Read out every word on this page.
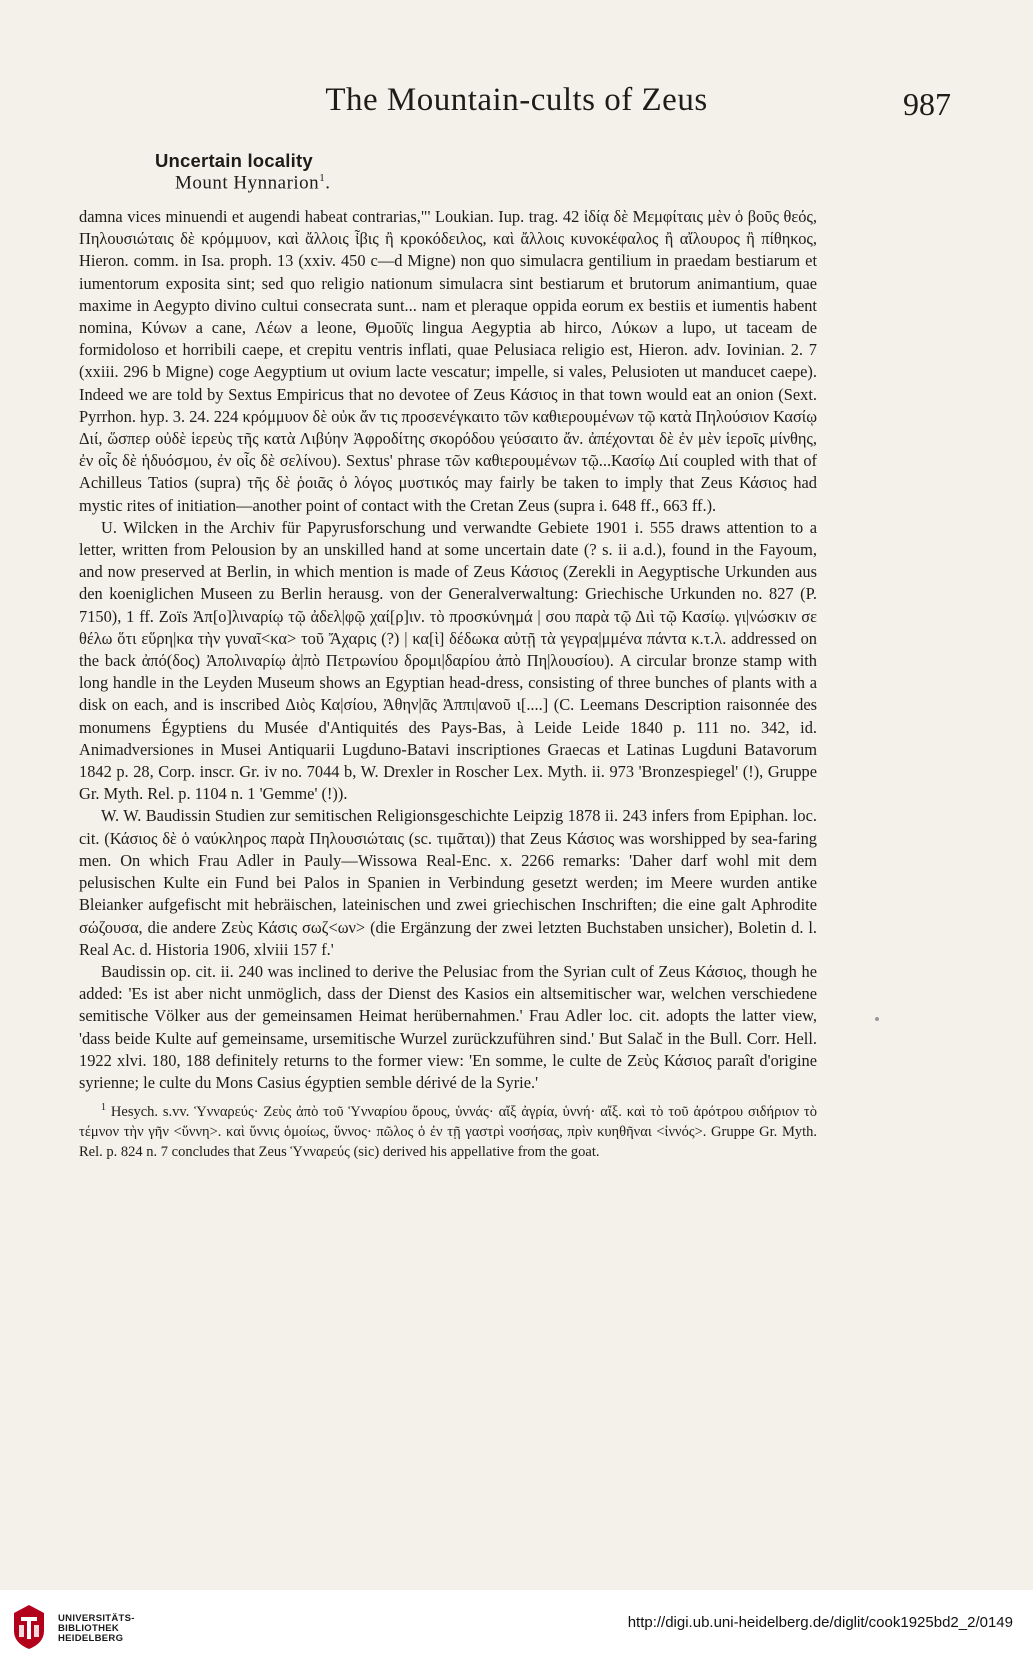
The Mountain-cults of Zeus	987
Uncertain locality
Mount Hynnarion$^1$.

damna vices minuendi et augendi habeat contrarias,"' Loukian. Iup. trag. 42 ἰδίᾳ δὲ Μεμφίταις μὲν ὁ βοῦς θεός, Πηλουσιώταις δὲ κρόμμυον, καὶ ἄλλοις ἶβις ἢ κροκόδειλος, καὶ ἄλλοις κυνοκέφαλος ἢ αἴλουρος ἢ πίθηκος, Hieron. comm. in Isa. proph. 13 (xxiv. 450 c—d Migne) non quo simulacra gentilium in praedam bestiarum et iumentorum exposita sint; sed quo religio nationum simulacra sint bestiarum et brutorum animantium, quae maxime in Aegypto divino cultui consecrata sunt... nam et pleraque oppida eorum ex bestiis et iumentis habent nomina, Κύνων a cane, Λέων a leone, Θμοῦϊς lingua Aegyptia ab hirco, Λύκων a lupo, ut taceam de formidoloso et horribili caepe, et crepitu ventris inflati, quae Pelusiaca religio est, Hieron. adv. Iovinian. 2. 7 (xxiii. 296 b Migne) coge Aegyptium ut ovium lacte vescatur; impelle, si vales, Pelusioten ut manducet caepe). Indeed we are told by Sextus Empiricus that no devotee of Zeus Κάσιος in that town would eat an onion (Sext. Pyrrhon. hyp. 3. 24. 224 κρόμμυον δὲ οὐκ ἄν τις προσενέγκαιτο τῶν καθιερουμένων τῷ κατὰ Πηλούσιον Κασίῳ Διί, ὥσπερ οὐδὲ ἱερεὺς τῆς κατὰ Λιβύην Ἀφροδίτης σκορόδου γεύσαιτο ἄν. ἀπέχονται δὲ ἐν μὲν ἱεροῖς μίνθης, ἐν οἷς δὲ ἡδυόσμου, ἐν οἷς δὲ σελίνου). Sextus' phrase τῶν καθιερουμένων τῷ...Κασίῳ Διί coupled with that of Achilleus Tatios (supra) τῆς δὲ ῥοιᾶς ὁ λόγος μυστικός may fairly be taken to imply that Zeus Κάσιος had mystic rites of initiation—another point of contact with the Cretan Zeus (supra i. 648 ff., 663 ff.).

U. Wilcken in the Archiv für Papyrusforschung und verwandte Gebiete 1901 i. 555 draws attention to a letter, written from Pelousion by an unskilled hand at some uncertain date (? s. ii a.d.), found in the Fayoum, and now preserved at Berlin, in which mention is made of Zeus Κάσιος (Zerekli in Aegyptische Urkunden aus den koeniglichen Museen zu Berlin herausg. von der Generalverwaltung: Griechische Urkunden no. 827 (P. 7150), 1 ff. Zoïs Ἀπ[ο]λιναρίῳ τῷ ἀδελ|φῷ χαί[ρ]ιν. τὸ προσκύνημά | σου παρὰ τῷ Διὶ τῷ Κασίῳ. γι|νώσκιν σε θέλω ὅτι εὕρη|κα τὴν γυναῖ<κα> τοῦ Ἄχαρις (?) | κα[ὶ] δέδωκα αὐτῇ τὰ γεγρα|μμένα πάντα κ.τ.λ. addressed on the back ἀπό(δος) Ἀπολιναρίῳ ἀ|πὸ Πετρωνίου δρομι|δαρίου ἀπὸ Πη|λουσίου). A circular bronze stamp with long handle in the Leyden Museum shows an Egyptian head-dress, consisting of three bunches of plants with a disk on each, and is inscribed Διὸς Κα|σίου, Ἀθην|ᾶς Ἀππι|ανοῦ ι[....] (C. Leemans Description raisonnée des monumens Égyptiens du Musée d'Antiquités des Pays-Bas, à Leide Leide 1840 p. 111 no. 342, id. Animadversiones in Musei Antiquarii Lugduno-Batavi inscriptiones Graecas et Latinas Lugduni Batavorum 1842 p. 28, Corp. inscr. Gr. iv no. 7044 b, W. Drexler in Roscher Lex. Myth. ii. 973 'Bronzespiegel' (!), Gruppe Gr. Myth. Rel. p. 1104 n. 1 'Gemme' (!)).

W. W. Baudissin Studien zur semitischen Religionsgeschichte Leipzig 1878 ii. 243 infers from Epiphan. loc. cit. (Κάσιος δὲ ὁ ναύκληρος παρὰ Πηλουσιώταις (sc. τιμᾶται)) that Zeus Κάσιος was worshipped by sea-faring men. On which Frau Adler in Pauly—Wissowa Real-Enc. x. 2266 remarks: 'Daher darf wohl mit dem pelusischen Kulte ein Fund bei Palos in Spanien in Verbindung gesetzt werden; im Meere wurden antike Bleianker aufgefischt mit hebräischen, lateinischen und zwei griechischen Inschriften; die eine galt Aphrodite σώζουσα, die andere Ζεὺς Κάσις σωζ<ων> (die Ergänzung der zwei letzten Buchstaben unsicher), Boletin d. l. Real Ac. d. Historia 1906, xlviii 157 f.'

Baudissin op. cit. ii. 240 was inclined to derive the Pelusiac from the Syrian cult of Zeus Κάσιος, though he added: 'Es ist aber nicht unmöglich, dass der Dienst des Kasios ein altsemitischer war, welchen verschiedene semitische Völker aus der gemeinsamen Heimat herübernahmen.' Frau Adler loc. cit. adopts the latter view, 'dass beide Kulte auf gemeinsame, ursemitische Wurzel zurückzuführen sind.' But Salač in the Bull. Corr. Hell. 1922 xlvi. 180, 188 definitely returns to the former view: 'En somme, le culte de Ζεὺς Κάσιος paraît d'origine syrienne; le culte du Mons Casius égyptien semble dérivé de la Syrie.'

$^1$ Hesych. s.vv. Ὑνναρεύς· Ζεὺς ἀπὸ τοῦ Ὑνναρίου ὄρους, ὑννάς· αἴξ ἀγρία, ὑννή· αἴξ. καὶ τὸ τοῦ ἀρότρου σιδήριον τὸ τέμνον τὴν γῆν <ὕννη>. καὶ ὕννις ὁμοίως, ὕννος· πῶλος ὁ ἐν τῇ γαστρὶ νοσήσας, πρὶν κυηθῆναι <ἰννός>. Gruppe Gr. Myth. Rel. p. 824 n. 7 concludes that Zeus Ὑνναρεύς (sic) derived his appellative from the goat.

UNIVERSITÄTS-
BIBLIOTHEK
HEIDELBERG
http://digi.ub.uni-heidelberg.de/diglit/cook1925bd2_2/0149
